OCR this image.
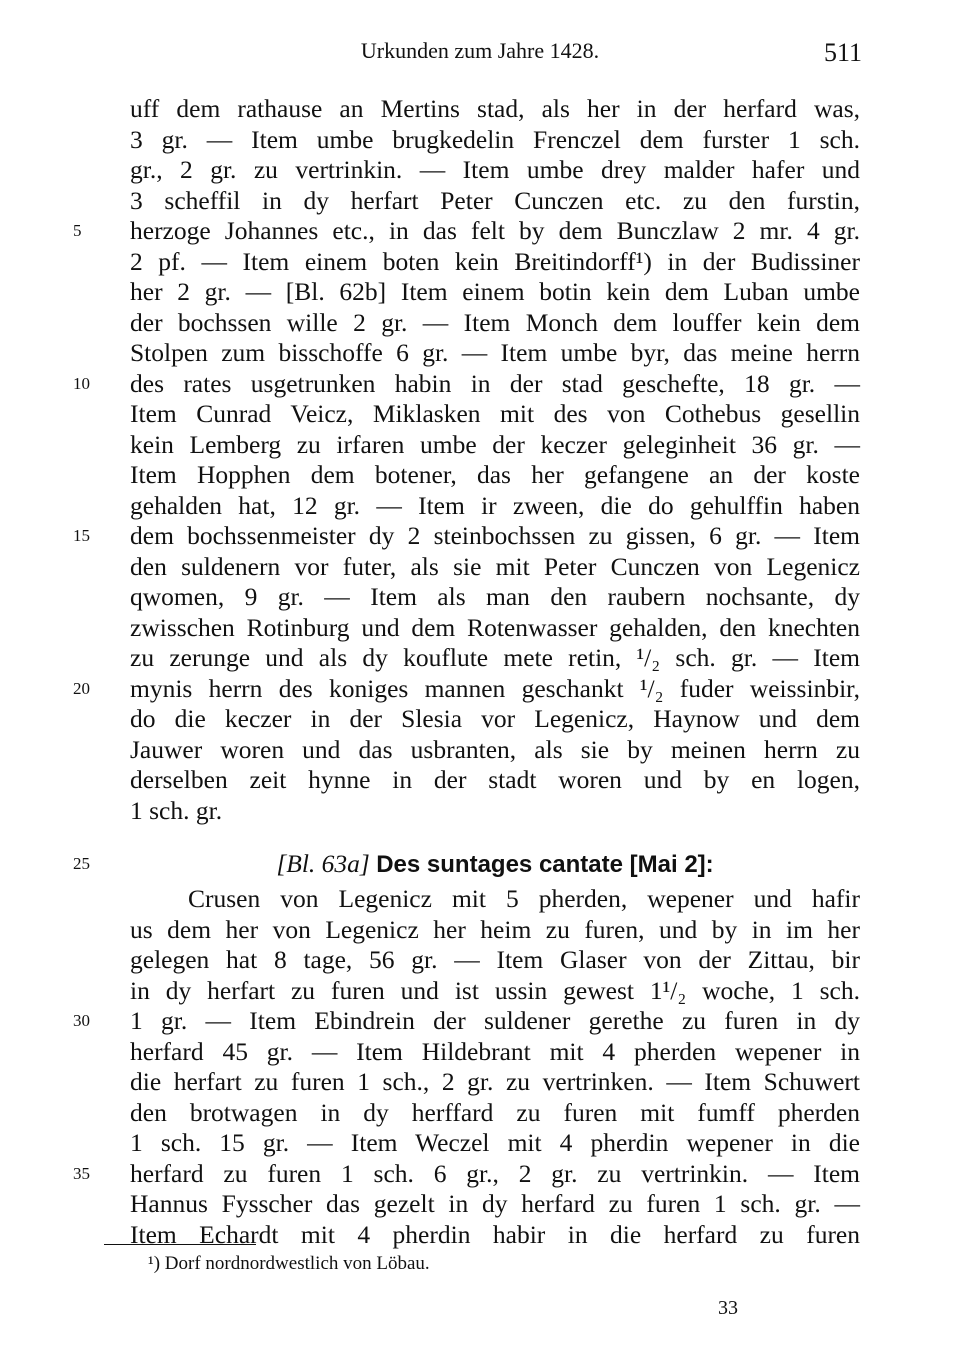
Urkunden zum Jahre 1428.	511
uff dem rathause an Mertins stad, als her in der herfard was,
3 gr. — Item umbe brugkedelin Frenczel dem furster 1 sch.
gr., 2 gr. zu vertrinkin. — Item umbe drey malder hafer und
3 scheffil in dy herfart Peter Cunczen etc. zu den furstin,
5	herzoge Johannes etc., in das felt by dem Bunczlaw 2 mr. 4 gr.
2 pf. — Item einem boten kein Breitindorff¹) in der Budissiner
her 2 gr. — [Bl. 62b] Item einem botin kein dem Luban umbe
der bochssen wille 2 gr. — Item Monch dem louffer kein dem
Stolpen zum bisschoffe 6 gr. — Item umbe byr, das meine herrn
10	des rates usgetrunken habin in der stad geschefte, 18 gr. —
Item Cunrad Veicz, Miklasken mit des von Cothebus gesellin
kein Lemberg zu irfaren umbe der keczer geleginheit 36 gr. —
Item Hopphen dem botener, das her gefangene an der koste
gehalden hat, 12 gr. — Item ir zween, die do gehulffin haben
15	dem bochssenmeister dy 2 steinbochssen zu gissen, 6 gr. — Item
den suldenern vor futer, als sie mit Peter Cunczen von Legenicz
qwomen, 9 gr. — Item als man den raubern nochsante, dy
zwisschen Rotinburg und dem Rotenwasser gehalden, den knechten
zu zerunge und als dy kouflute mete retin, ¹/₂ sch. gr. — Item
20	mynis herrn des koniges mannen geschankt ¹/₂ fuder weissinbir,
do die keczer in der Slesia vor Legenicz, Haynow und dem
Jauwer woren und das usbranten, als sie by meinen herrn zu
derselben zeit hynne in der stadt woren und by en logen,
1 sch. gr.
25	[Bl. 63a] Des suntages cantate [Mai 2]:
Crusen von Legenicz mit 5 pherden, wepener und hafir
us dem her von Legenicz her heim zu furen, und by in im her
gelegen hat 8 tage, 56 gr. — Item Glaser von der Zittau, bir
in dy herfart zu furen und ist ussin gewest 1¹/₂ woche, 1 sch.
30	1 gr. — Item Ebindrein der suldener gerethe zu furen in dy
herfard 45 gr. — Item Hildebrant mit 4 pherden wepener in
die herfart zu furen 1 sch., 2 gr. zu vertrinken. — Item Schuwert
den brotwagen in dy herffard zu furen mit fumff pherden
1 sch. 15 gr. — Item Weczel mit 4 pherdin wepener in die
35	herfard zu furen 1 sch. 6 gr., 2 gr. zu vertrinkin. — Item
Hannus Fysscher das gezelt in dy herfard zu furen 1 sch. gr. —
Item Echardt mit 4 pherdin habir in die herfard zu furen
¹) Dorf nordnordwestlich von Löbau.
33
